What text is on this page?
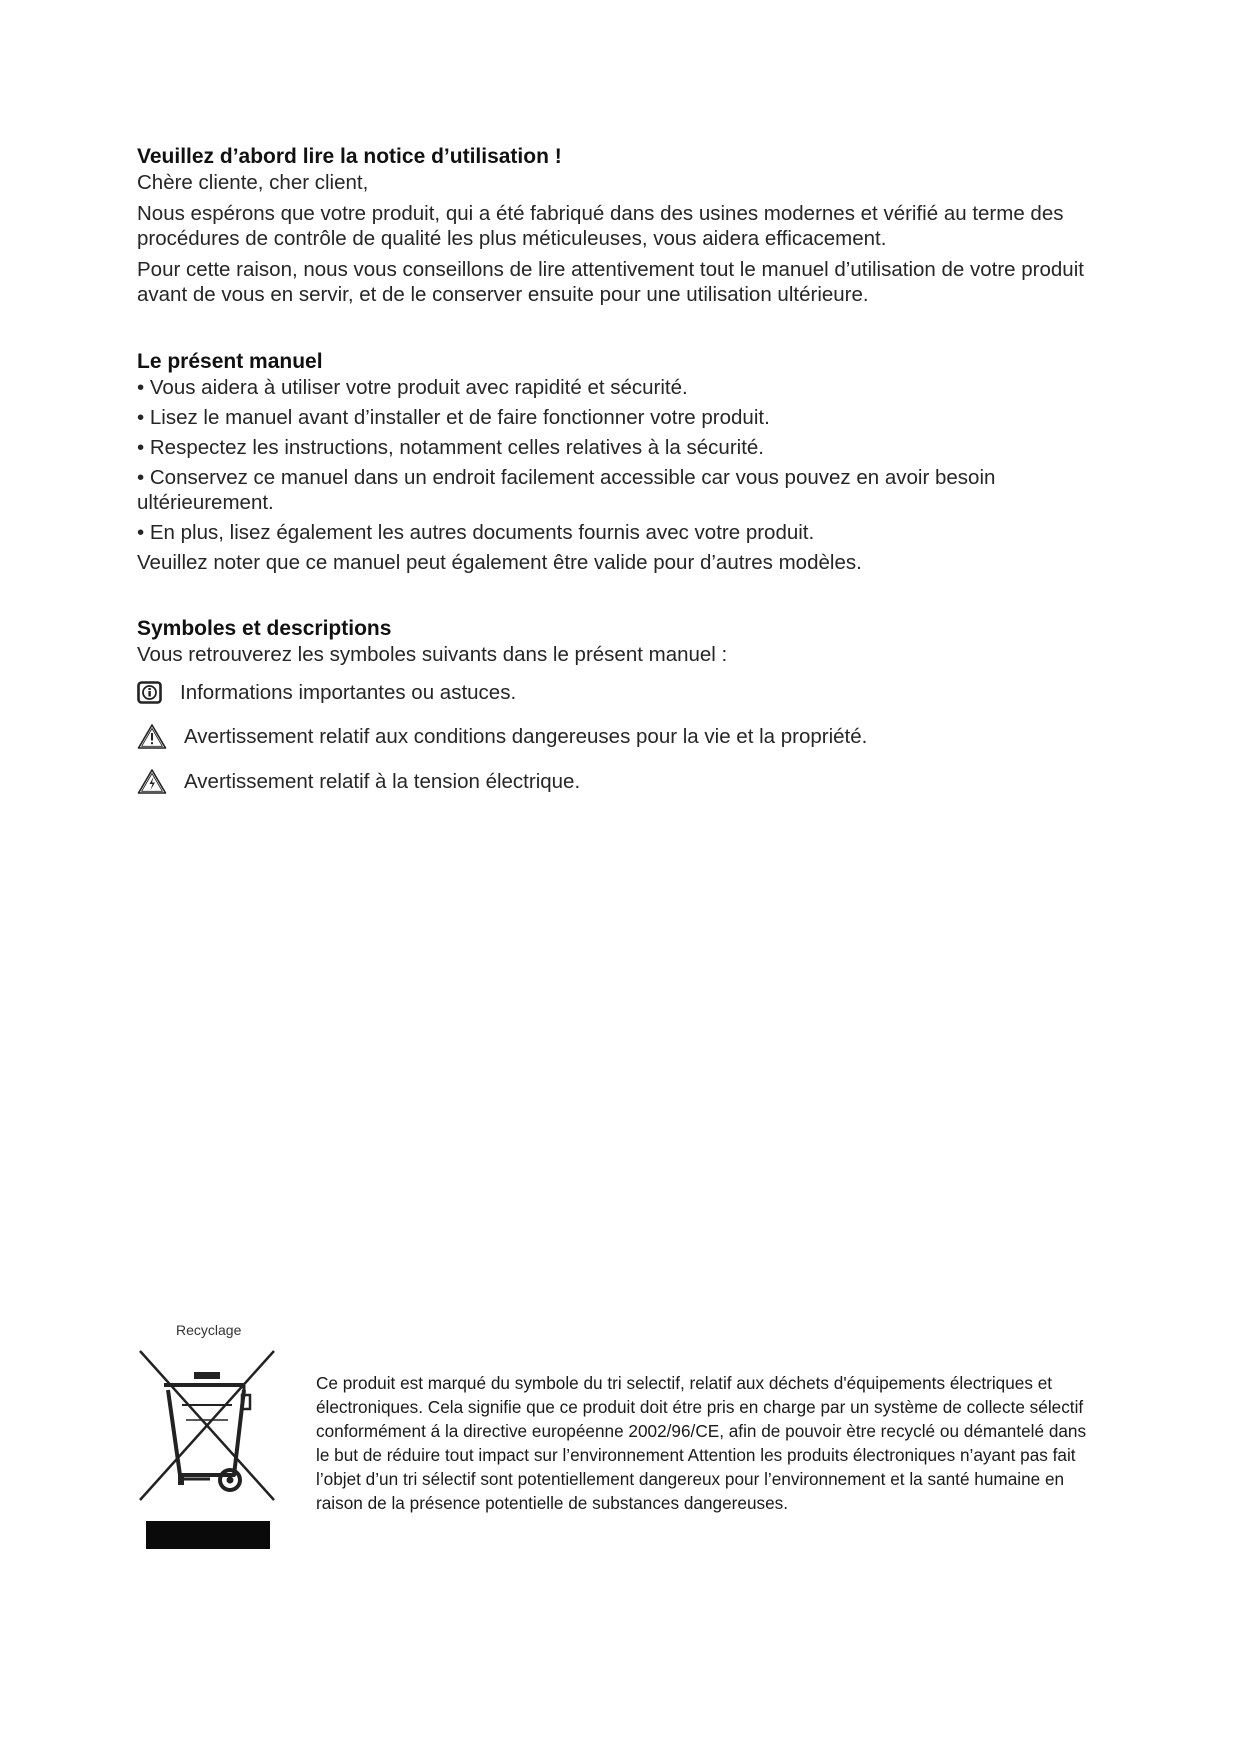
Veuillez d’abord lire la notice d’utilisation !

Chère cliente, cher client,

Nous espérons que votre produit, qui a été fabriqué dans des usines modernes et vérifié au terme des procédures de contrôle de qualité les plus méticuleuses, vous aidera efficacement.

Pour cette raison, nous vous conseillons de lire attentivement tout le manuel d’utilisation de votre produit avant de vous en servir, et de le conserver ensuite pour une utilisation ultérieure.

Le présent manuel

• Vous aidera à utiliser votre produit avec rapidité et sécurité.

• Lisez le manuel avant d’installer et de faire fonctionner votre produit.

• Respectez les instructions, notamment celles relatives à la sécurité.

• Conservez ce manuel dans un endroit facilement accessible car vous pouvez en avoir besoin ultérieurement.

• En plus, lisez également les autres documents fournis avec votre produit.

Veuillez noter que ce manuel peut également être valide pour d’autres modèles.

Symboles et descriptions

Vous retrouverez les symboles suivants dans le présent manuel :

Informations importantes ou astuces.
Avertissement relatif aux conditions dangereuses pour la vie et la propriété.
Avertissement relatif à la tension électrique.
Recyclage

Ce produit est marqué du symbole du tri selectif, relatif aux déchets d'équipements électriques et électroniques. Cela signifie que ce produit doit étre pris en charge par un système de collecte sélectif conformément á la directive européenne 2002/96/CE, afin de pouvoir ètre recyclé ou démantelé dans le but de réduire tout impact sur l’environnement Attention les produits électroniques n’ayant pas fait l’objet d’un tri sélectif sont potentiellement dangereux pour l’environnement et la santé humaine en raison de la présence potentielle de substances dangereuses.
